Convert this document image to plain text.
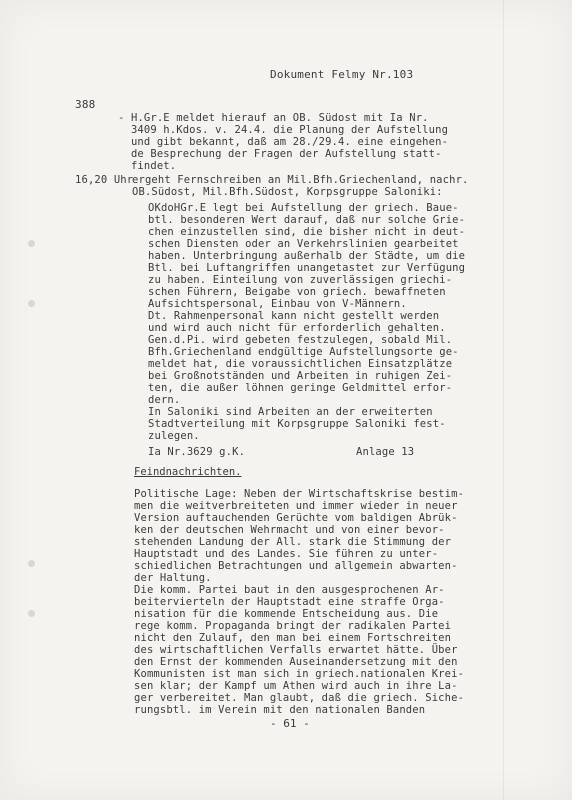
Dokument Felmy Nr.103
388
- H.Gr.E meldet hierauf an OB. Südost mit Ia Nr.
3409 h.Kdos. v. 24.4. die Planung der Aufstellung
und gibt bekannt, daß am 28./29.4. eine eingehen-
de Besprechung der Fragen der Aufstellung statt-
findet.
16,20 Uhr
ergeht Fernschreiben an Mil.Bfh.Griechenland, nachr.
OB.Südost, Mil.Bfh.Südost, Korpsgruppe Saloniki:
OKdoHGr.E legt bei Aufstellung der griech. Baue-
btl. besonderen Wert darauf, daß nur solche Grie-
chen einzustellen sind, die bisher nicht in deut-
schen Diensten oder an Verkehrslinien gearbeitet
haben. Unterbringung außerhalb der Städte, um die
Btl. bei Luftangriffen unangetastet zur Verfügung
zu haben. Einteilung von zuverlässigen griechi-
schen Führern, Beigabe von griech. bewaffneten
Aufsichtspersonal, Einbau von V-Männern.
Dt. Rahmenpersonal kann nicht gestellt werden
und wird auch nicht für erforderlich gehalten.
Gen.d.Pi. wird gebeten festzulegen, sobald Mil.
Bfh.Griechenland endgültige Aufstellungsorte ge-
meldet hat, die voraussichtlichen Einsatzplätze
bei Großnotständen und Arbeiten in ruhigen Zei-
ten, die außer löhnen geringe Geldmittel erfor-
dern.
In Saloniki sind Arbeiten an der erweiterten
Stadtverteilung mit Korpsgruppe Saloniki fest-
zulegen.
Ia Nr.3629 g.K.	Anlage 13
Feindnachrichten.
Politische Lage: Neben der Wirtschaftskrise bestim-
men die weitverbreiteten und immer wieder in neuer
Version auftauchenden Gerüchte vom baldigen Abrük-
ken der deutschen Wehrmacht und von einer bevor-
stehenden Landung der All. stark die Stimmung der
Hauptstadt und des Landes. Sie führen zu unter-
schiedlichen Betrachtungen und allgemein abwarten-
der Haltung.
Die komm. Partei baut in den ausgesprochenen Ar-
beitervierteln der Hauptstadt eine straffe Orga-
nisation für die kommende Entscheidung aus. Die
rege komm. Propaganda bringt der radikalen Partei
nicht den Zulauf, den man bei einem Fortschreiten
des wirtschaftlichen Verfalls erwartet hätte. Über
den Ernst der kommenden Auseinandersetzung mit den
Kommunisten ist man sich in griech.nationalen Krei-
sen klar; der Kampf um Athen wird auch in ihre La-
ger verbereitet. Man glaubt, daß die griech. Siche-
rungsbtl. im Verein mit den nationalen Banden
- 61 -
